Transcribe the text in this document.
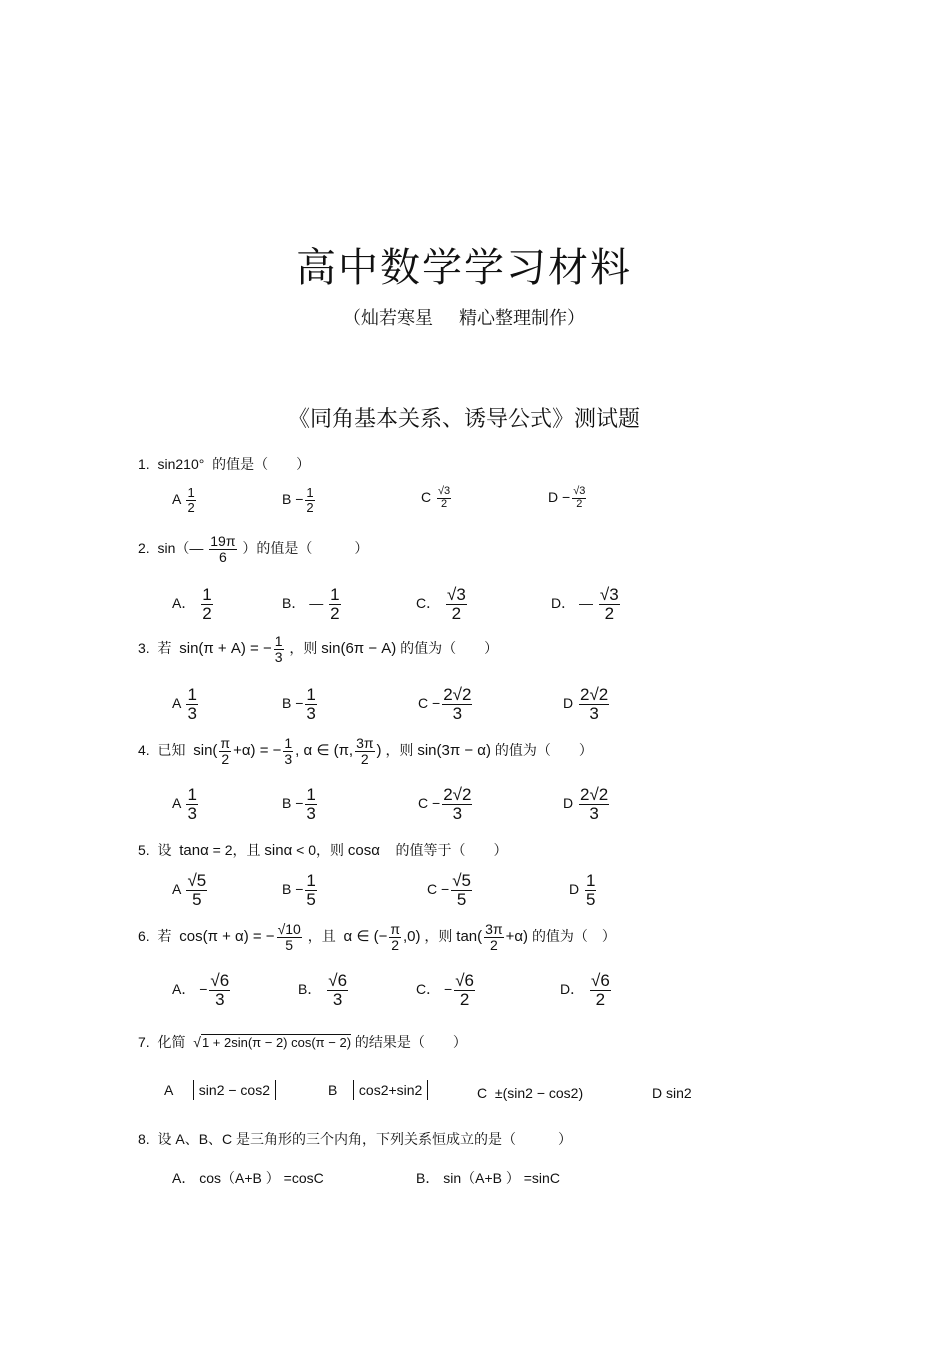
高中数学学习材料
（灿若寒星 精心整理制作）
《同角基本关系、诱导公式》测试题
1. sin210° 的值是（　　）
A $\frac{1}{2}$	$B - \frac{1}{2}$	C $\frac{√3}{2}$	$D - \frac{√3}{2}$
2. sin（— $\frac{19\pi}{6}$ ）的值是（　　　）
A． $\frac{1}{2}$	B． — $\frac{1}{2}$	C． $\frac{√3}{2}$	D． — $\frac{√3}{2}$
3. 若 sin(π + A) = − $\frac{1}{3}$ ，则 sin(6π − A) 的值为（　　）
A $\frac{1}{3}$	$B - \frac{1}{3}$	$C - \frac{2√2}{3}$	D $\frac{2√2}{3}$
4. 已知 $\sin( \frac{\pi}{2} +\alpha)$ = − $\frac{1}{3}$ , α ∈ (π, $\frac{3\pi}{2}$ ) ，则 sin(3π − α) 的值为（　　）
A $\frac{1}{3}$	$B - \frac{1}{3}$	$C - \frac{2√2}{3}$	D $\frac{2√2}{3}$
5. 设 tanα = 2，且 sinα < 0，则 cosα 的值等于（　　）
A $\frac{√5}{5}$	$B - \frac{1}{5}$	$C - \frac{√5}{5}$	D $\frac{1}{5}$
6. 若 cos(π + α) = − $\frac{√10}{5}$ ，且 α ∈ (− $\frac{\pi}{2} ,0$) ，则 $\tan( \frac{3\pi}{2} +\alpha)$ 的值为（　）
A． − $\frac{√6}{3}$	B． $\frac{√6}{3}$	C． − $\frac{√6}{2}$	D． $\frac{√6}{2}$
7. 化简 √1 + 2sin(π − 2) cos(π − 2) 的结果是（　　）
A sin2 − cos2	B cos2+sin2	C ±(sin2 − cos2)	D sin2
8. 设 A、B、C 是三角形的三个内角，下列关系恒成立的是（　　　）
A． cos（A+B ） =cosC	B． sin（A+B ） =sinC
